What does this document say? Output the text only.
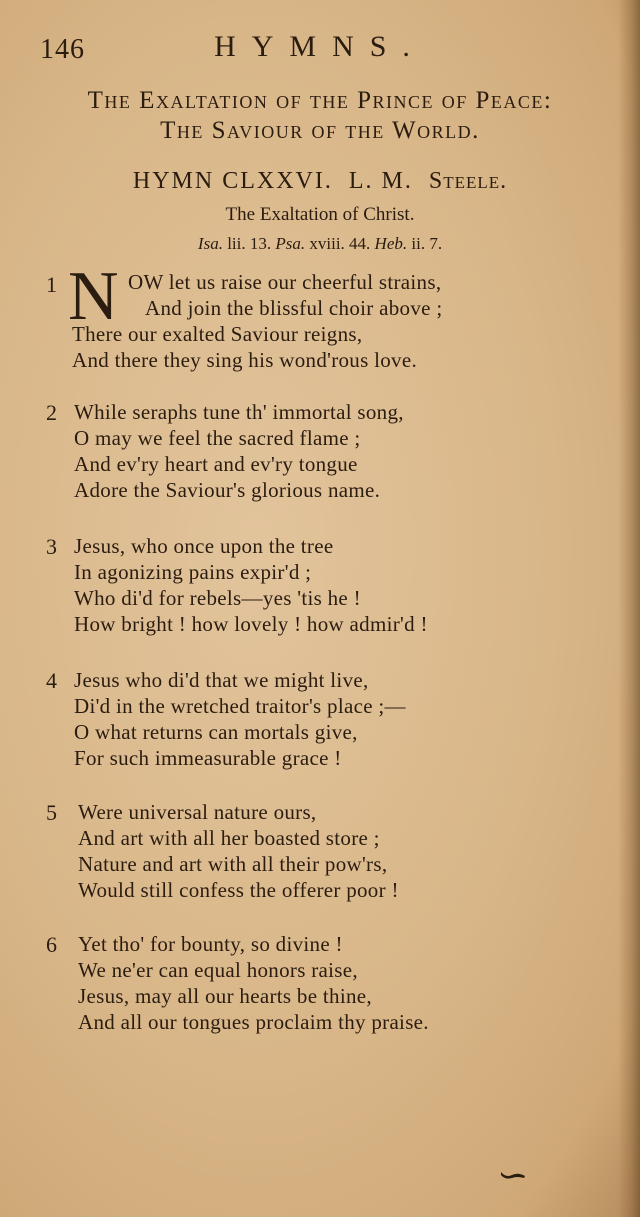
146	HYMNS.
The Exaltation of the Prince of Peace:
The Saviour of the World.
HYMN CLXXVI. L. M. Steele.
The Exaltation of Christ.
Isa. lii. 13. Psa. xviii. 44. Heb. ii. 7.
N
1	OW let us raise our cheerful strains,
And join the blissful choir above ;
There our exalted Saviour reigns,
And there they sing his wond'rous love.
2 While seraphs tune th' immortal song,
O may we feel the sacred flame ;
And ev'ry heart and ev'ry tongue
Adore the Saviour's glorious name.
3 Jesus, who once upon the tree
In agonizing pains expir'd ;
Who di'd for rebels—yes 'tis he !
How bright ! how lovely ! how admir'd !
4 Jesus who di'd that we might live,
Di'd in the wretched traitor's place ;—
O what returns can mortals give,
For such immeasurable grace !
5 Were universal nature ours,
And art with all her boasted store ;
Nature and art with all their pow'rs,
Would still confess the offerer poor !
6 Yet tho' for bounty, so divine !
We ne'er can equal honors raise,
Jesus, may all our hearts be thine,
And all our tongues proclaim thy praise.
